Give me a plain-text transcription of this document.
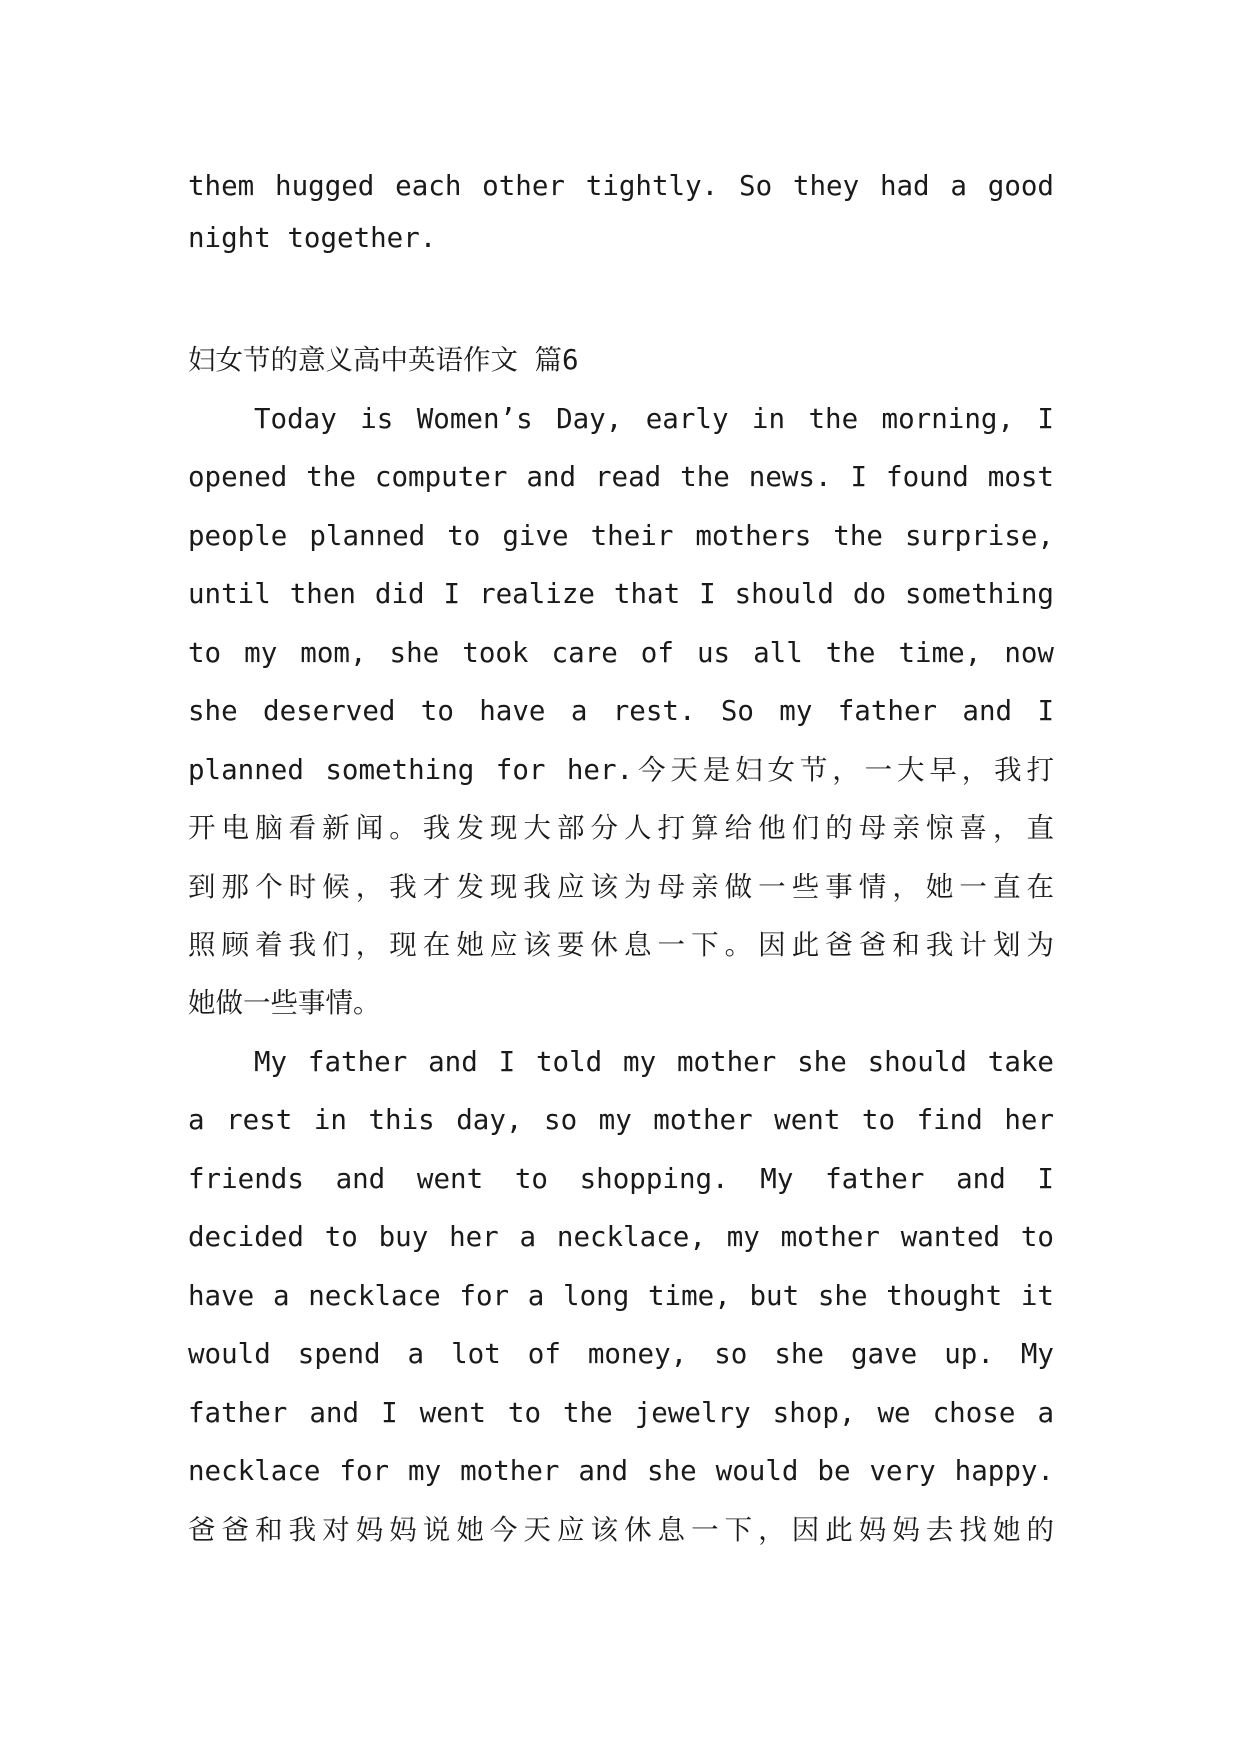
them hugged each other tightly. So they had a good
night together.
妇女节的意义高中英语作文 篇6
Today is Women’s Day, early in the morning, I
opened the computer and read the news. I found most
people planned to give their mothers the surprise,
until then did I realize that I should do something
to my mom, she took care of us all the time, now
she deserved to have a rest. So my father and I
planned something for her.今天是妇女节，一大早，我打
开电脑看新闻。我发现大部分人打算给他们的母亲惊喜，直
到那个时候，我才发现我应该为母亲做一些事情，她一直在
照顾着我们，现在她应该要休息一下。因此爸爸和我计划为
她做一些事情。
My father and I told my mother she should take
a rest in this day, so my mother went to find her
friends and went to shopping. My father and I
decided to buy her a necklace, my mother wanted to
have a necklace for a long time, but she thought it
would spend a lot of money, so she gave up. My
father and I went to the jewelry shop, we chose a
necklace for my mother and she would be very happy.
爸爸和我对妈妈说她今天应该休息一下，因此妈妈去找她的
